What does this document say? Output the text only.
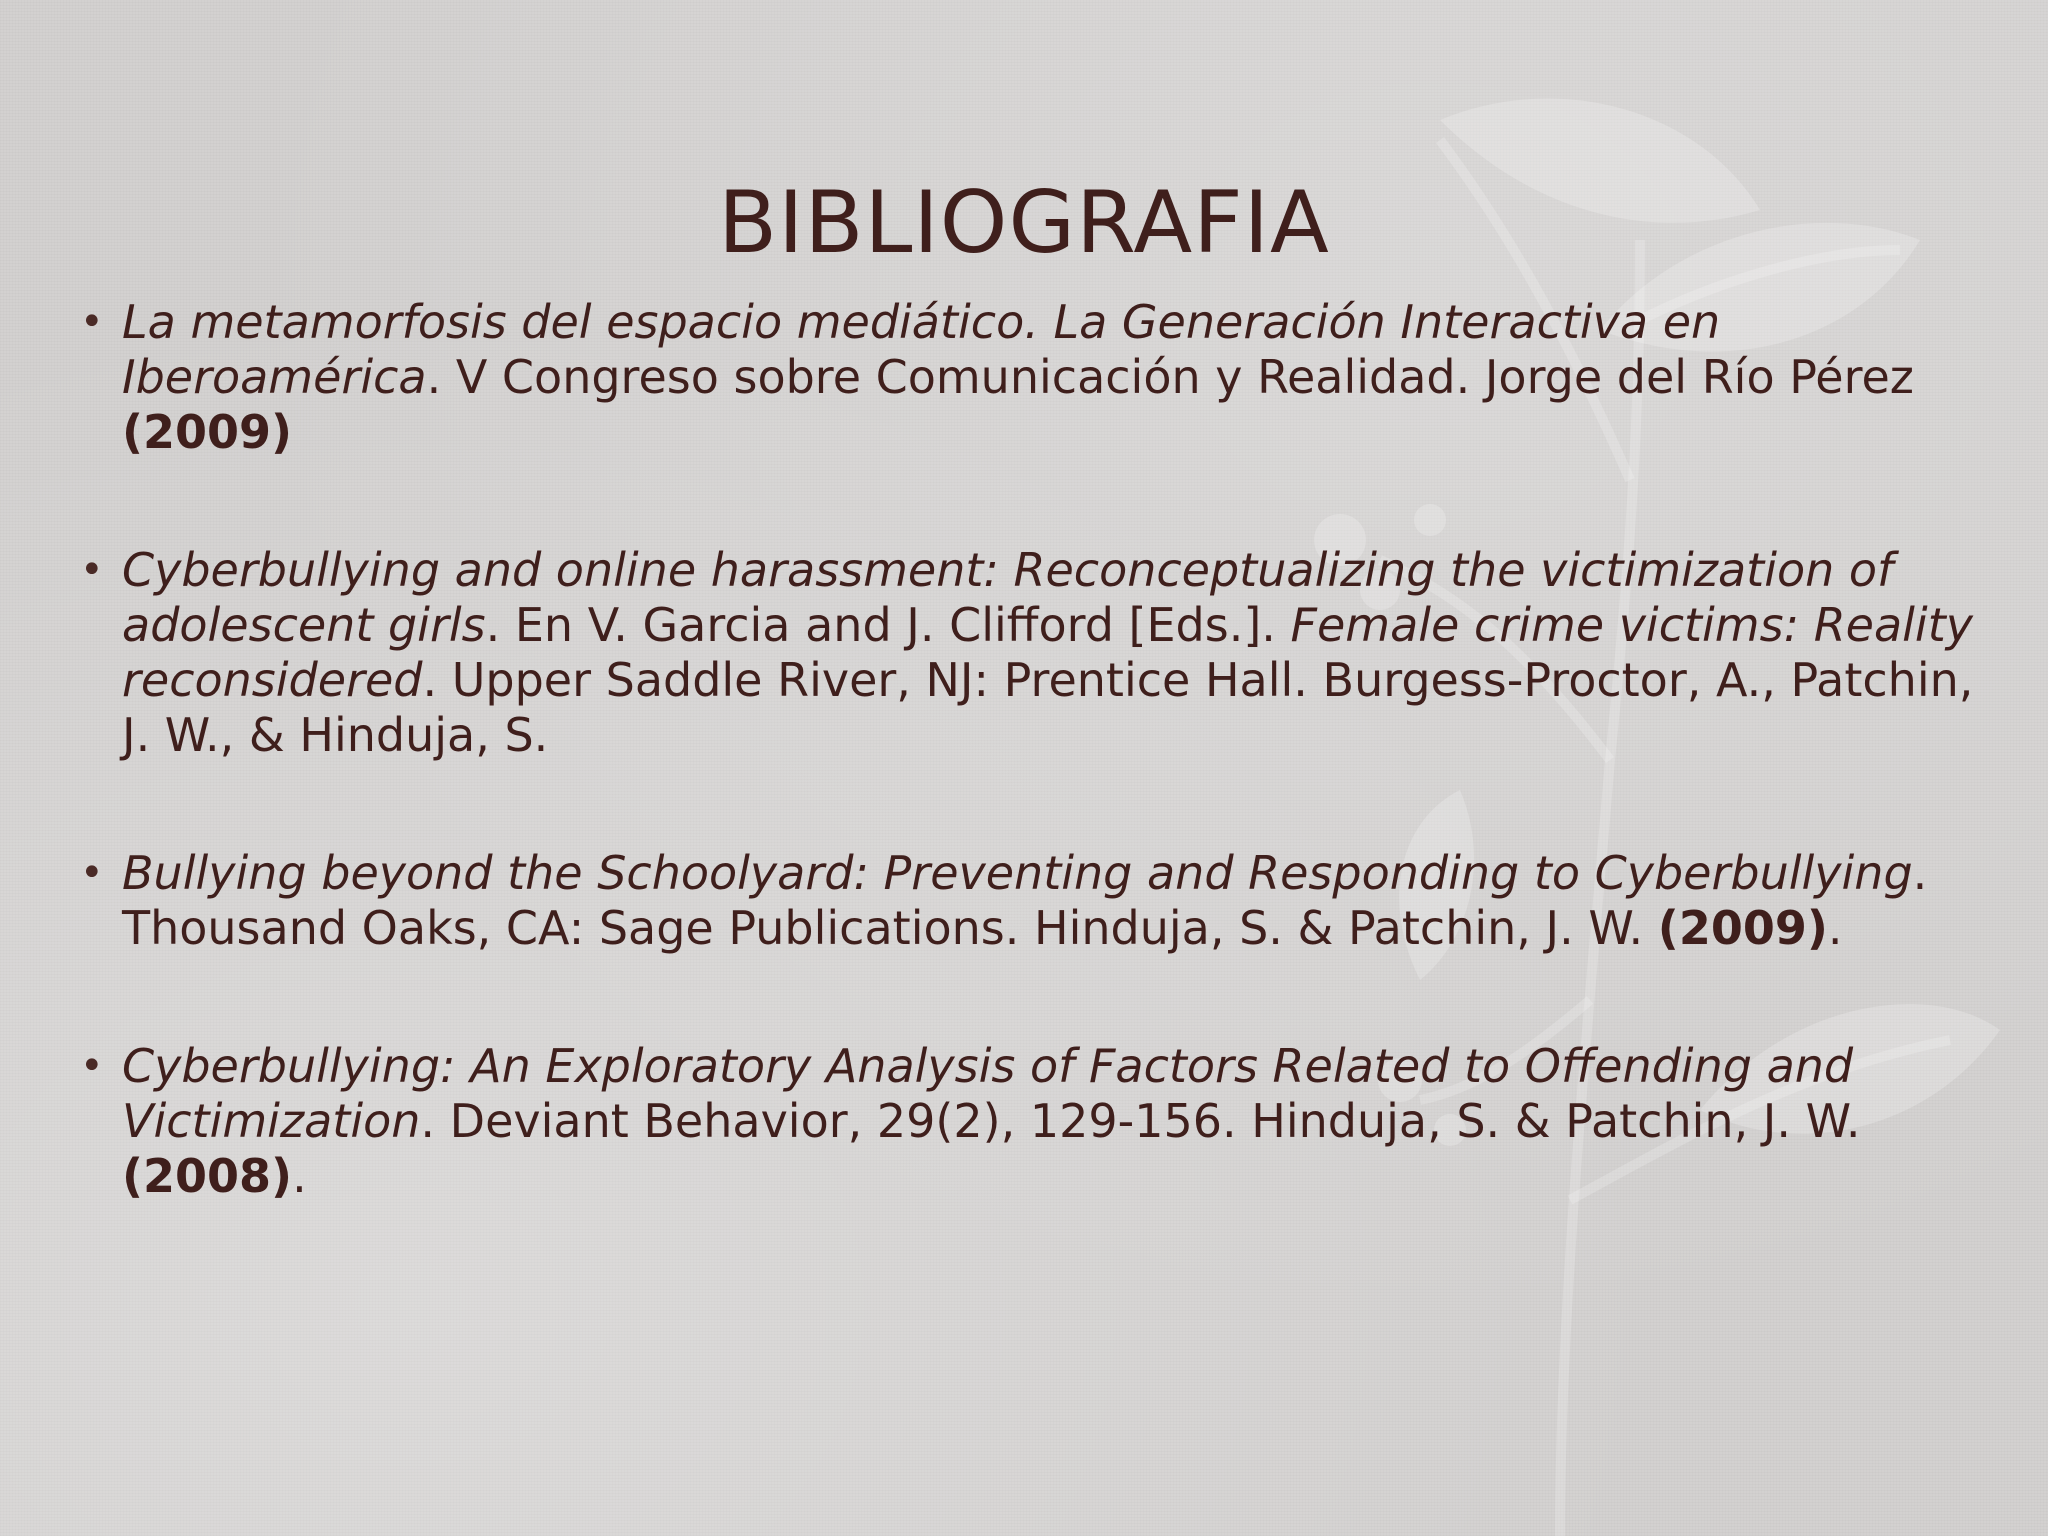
BIBLIOGRAFIA
• La metamorfosis del espacio mediático. La Generación Interactiva en Iberoamérica. V Congreso sobre Comunicación y Realidad. Jorge del Río Pérez (2009)
• Cyberbullying and online harassment: Reconceptualizing the victimization of adolescent girls. En V. Garcia and J. Clifford [Eds.]. Female crime victims: Reality reconsidered. Upper Saddle River, NJ: Prentice Hall. Burgess-Proctor, A., Patchin, J. W., & Hinduja, S.
• Bullying beyond the Schoolyard: Preventing and Responding to Cyberbullying. Thousand Oaks, CA: Sage Publications. Hinduja, S. & Patchin, J. W. (2009).
• Cyberbullying: An Exploratory Analysis of Factors Related to Offending and Victimization. Deviant Behavior, 29(2), 129-156. Hinduja, S. & Patchin, J. W. (2008).
